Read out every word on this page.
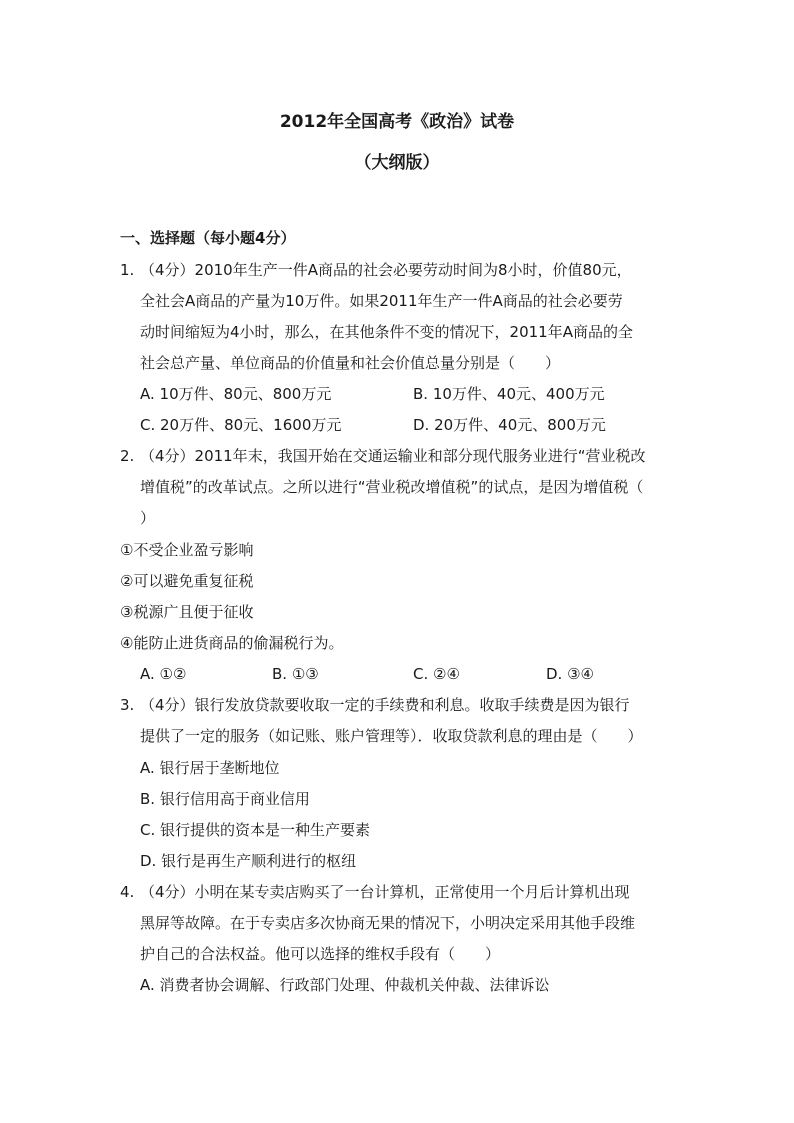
2012年全国高考《政治》试卷
（大纲版）
一、选择题（每小题4分）
1. （4分）2010年生产一件A商品的社会必要劳动时间为8小时，价值80元，
全社会A商品的产量为10万件。如果2011年生产一件A商品的社会必要劳
动时间缩短为4小时，那么，在其他条件不变的情况下，2011年A商品的全
社会总产量、单位商品的价值量和社会价值总量分别是（　　）
A. 10万件、80元、800万元	B. 10万件、40元、400万元
C. 20万件、80元、1600万元	D. 20万件、40元、800万元
2. （4分）2011年末，我国开始在交通运输业和部分现代服务业进行“营业税改
增值税”的改革试点。之所以进行“营业税改增值税”的试点，是因为增值税（
）
①不受企业盈亏影响
②可以避免重复征税
③税源广且便于征收
④能防止进货商品的偷漏税行为。
A. ①②	B. ①③	C. ②④	D. ③④
3. （4分）银行发放贷款要收取一定的手续费和利息。收取手续费是因为银行
提供了一定的服务（如记账、账户管理等）．收取贷款利息的理由是（　　）
A. 银行居于垄断地位
B. 银行信用高于商业信用
C. 银行提供的资本是一种生产要素
D. 银行是再生产顺利进行的枢纽
4. （4分）小明在某专卖店购买了一台计算机，正常使用一个月后计算机出现
黑屏等故障。在于专卖店多次协商无果的情况下，小明决定采用其他手段维
护自己的合法权益。他可以选择的维权手段有（　　）
A. 消费者协会调解、行政部门处理、仲裁机关仲裁、法律诉讼
